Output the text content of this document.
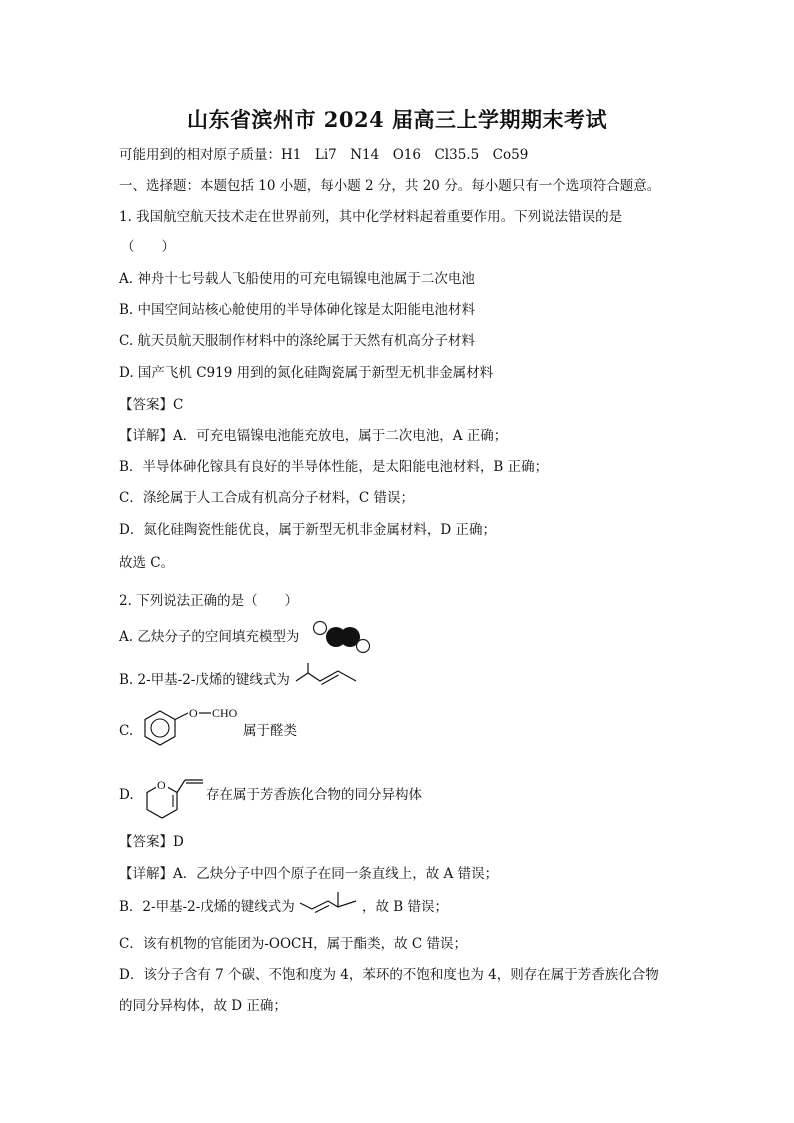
山东省滨州市 2024 届高三上学期期末考试
可能用到的相对原子质量：H1　Li7　N14　O16　Cl35.5　Co59
一、选择题：本题包括 10 小题，每小题 2 分，共 20 分。每小题只有一个选项符合题意。
1. 我国航空航天技术走在世界前列，其中化学材料起着重要作用。下列说法错误的是
（　　）
A. 神舟十七号载人飞船使用的可充电镉镍电池属于二次电池
B. 中国空间站核心舱使用的半导体砷化镓是太阳能电池材料
C. 航天员航天服制作材料中的涤纶属于天然有机高分子材料
D. 国产飞机 C919 用到的氮化硅陶瓷属于新型无机非金属材料
【答案】C
【详解】A．可充电镉镍电池能充放电，属于二次电池，A 正确；
B．半导体砷化镓具有良好的半导体性能，是太阳能电池材料，B 正确；
C．涤纶属于人工合成有机高分子材料，C 错误；
D．氮化硅陶瓷性能优良，属于新型无机非金属材料，D 正确；
故选 C。
2. 下列说法正确的是（　　）
A. 乙炔分子的空间填充模型为
B. 2-甲基-2-戊烯的键线式为
C.
O CHO
属于醛类
D.
O
存在属于芳香族化合物的同分异构体
【答案】D
【详解】A．乙炔分子中四个原子在同一条直线上，故 A 错误；
B．2-甲基-2-戊烯的键线式为	，故 B 错误；
C．该有机物的官能团为-OOCH，属于酯类，故 C 错误；
D．该分子含有 7 个碳、不饱和度为 4，苯环的不饱和度也为 4，则存在属于芳香族化合物
的同分异构体，故 D 正确；
